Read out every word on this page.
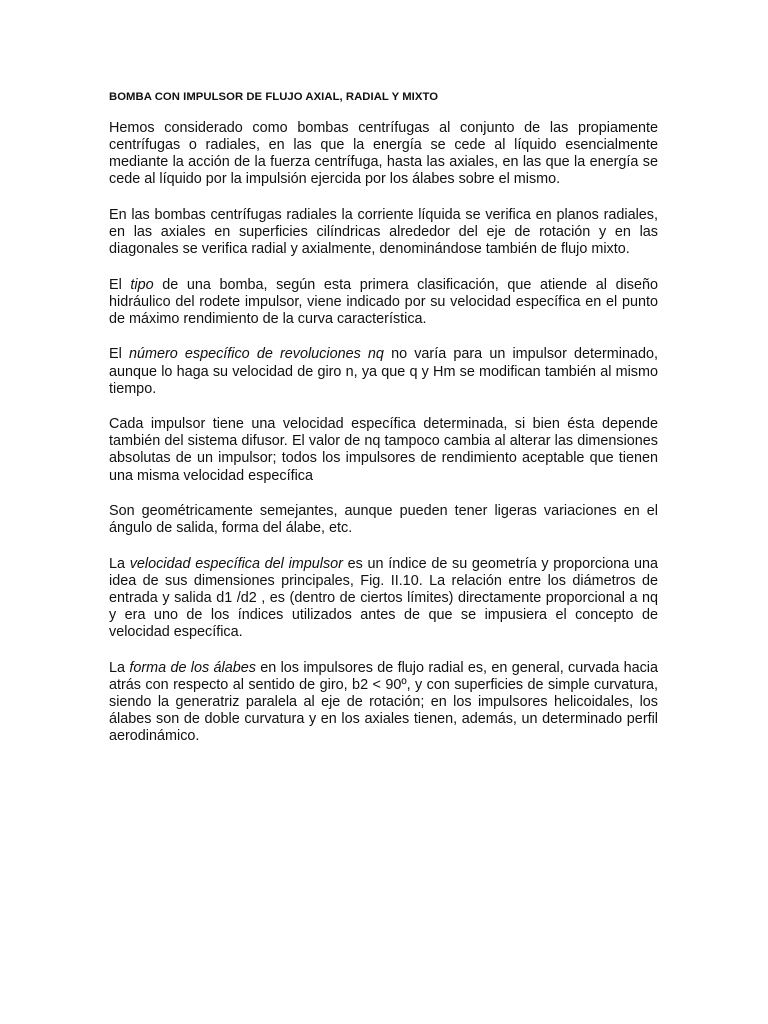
BOMBA CON IMPULSOR DE FLUJO AXIAL, RADIAL Y MIXTO

Hemos considerado como bombas centrífugas al conjunto de las propiamente centrífugas o radiales, en las que la energía se cede al líquido esencialmente mediante la acción de la fuerza centrífuga, hasta las axiales, en las que la energía se cede al líquido por la impulsión ejercida por los álabes sobre el mismo.

En las bombas centrífugas radiales la corriente líquida se verifica en planos radiales, en las axiales en superficies cilíndricas alrededor del eje de rotación y en las diagonales se verifica radial y axialmente, denominándose también de flujo mixto.

El tipo de una bomba, según esta primera clasificación, que atiende al diseño hidráulico del rodete impulsor, viene indicado por su velocidad específica en el punto de máximo rendimiento de la curva característica.

El número específico de revoluciones nq no varía para un impulsor determinado, aunque lo haga su velocidad de giro n, ya que q y Hm se modifican también al mismo tiempo.

Cada impulsor tiene una velocidad específica determinada, si bien ésta depende también del sistema difusor. El valor de nq tampoco cambia al alterar las dimensiones absolutas de un impulsor; todos los impulsores de rendimiento aceptable que tienen una misma velocidad específica

Son geométricamente semejantes, aunque pueden tener ligeras variaciones en el ángulo de salida, forma del álabe, etc.

La velocidad específica del impulsor es un índice de su geometría y proporciona una idea de sus dimensiones principales, Fig. II.10. La relación entre los diámetros de entrada y salida d1 /d2 , es (dentro de ciertos límites) directamente proporcional a nq y era uno de los índices utilizados antes de que se impusiera el concepto de velocidad específica.

La forma de los álabes en los impulsores de flujo radial es, en general, curvada hacia atrás con respecto al sentido de giro, b2 < 90º, y con superficies de simple curvatura, siendo la generatriz paralela al eje de rotación; en los impulsores helicoidales, los álabes son de doble curvatura y en los axiales tienen, además, un determinado perfil aerodinámico.
